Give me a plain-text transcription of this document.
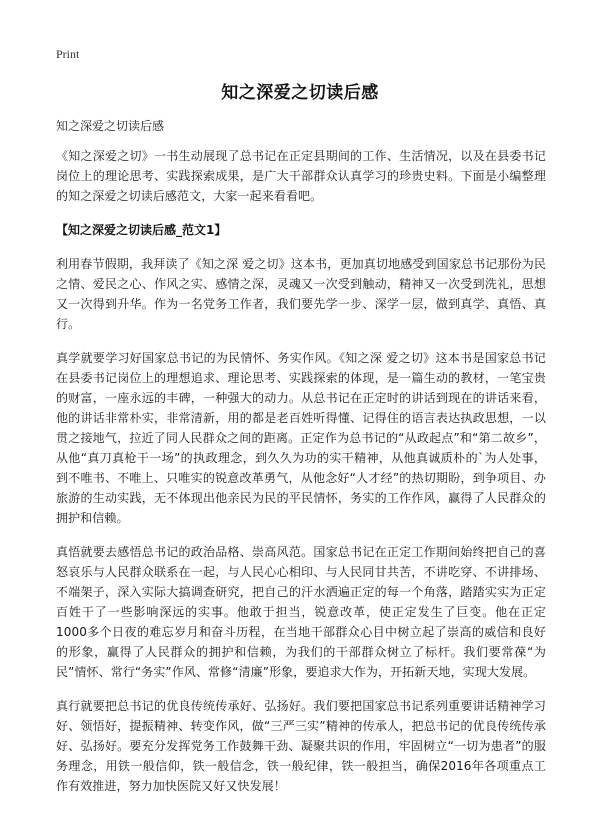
Print
知之深爱之切读后感
知之深爱之切读后感

《知之深爱之切》一书生动展现了总书记在正定县期间的工作、生活情况，以及在县委书记岗位上的理论思考、实践探索成果，是广大干部群众认真学习的珍贵史料。下面是小编整理的知之深爱之切读后感范文，大家一起来看看吧。

【知之深爱之切读后感_范文1】

利用春节假期，我拜读了《知之深 爱之切》这本书，更加真切地感受到国家总书记那份为民之情、爱民之心、作风之实、感情之深，灵魂又一次受到触动，精神又一次受到洗礼，思想又一次得到升华。作为一名党务工作者，我们要先学一步、深学一层，做到真学、真悟、真行。

真学就要学习好国家总书记的为民情怀、务实作风。《知之深 爱之切》这本书是国家总书记在县委书记岗位上的理想追求、理论思考、实践探索的体现，是一篇生动的教材，一笔宝贵的财富，一座永远的丰碑，一种强大的动力。从总书记在正定时的讲话到现在的讲话来看，他的讲话非常朴实，非常清新，用的都是老百姓听得懂、记得住的语言表达执政思想，一以贯之接地气，拉近了同人民群众之间的距离。正定作为总书记的“从政起点”和“第二故乡”，从他“真刀真枪干一场”的执政理念，到久久为功的实干精神，从他真诚质朴的`为人处事，到不唯书、不唯上、只唯实的锐意改革勇气，从他念好“人才经”的热切期盼，到争项目、办旅游的生动实践，无不体现出他亲民为民的平民情怀，务实的工作作风，赢得了人民群众的拥护和信赖。

真悟就要去感悟总书记的政治品格、崇高风范。国家总书记在正定工作期间始终把自己的喜怒哀乐与人民群众联系在一起，与人民心心相印、与人民同甘共苦，不讲吃穿、不讲排场、不端架子，深入实际大搞调查研究，把自己的汗水洒遍正定的每一个角落，踏踏实实为正定百姓干了一些影响深远的实事。他敢于担当，锐意改革，使正定发生了巨变。他在正定1000多个日夜的难忘岁月和奋斗历程，在当地干部群众心目中树立起了崇高的威信和良好的形象，赢得了人民群众的拥护和信赖，为我们的干部群众树立了标杆。我们要常葆“为民”情怀、常行“务实”作风、常修“清廉”形象，要追求大作为，开拓新天地，实现大发展。

真行就要把总书记的优良传统传承好、弘扬好。我们要把国家总书记系列重要讲话精神学习好、领悟好，提振精神、转变作风，做“三严三实”精神的传承人，把总书记的优良传统传承好、弘扬好。要充分发挥党务工作鼓舞干劲、凝聚共识的作用，牢固树立“一切为患者”的服务理念，用铁一般信仰，铁一般信念，铁一般纪律，铁一般担当，确保2016年各项重点工作有效推进，努力加快医院又好又快发展！
